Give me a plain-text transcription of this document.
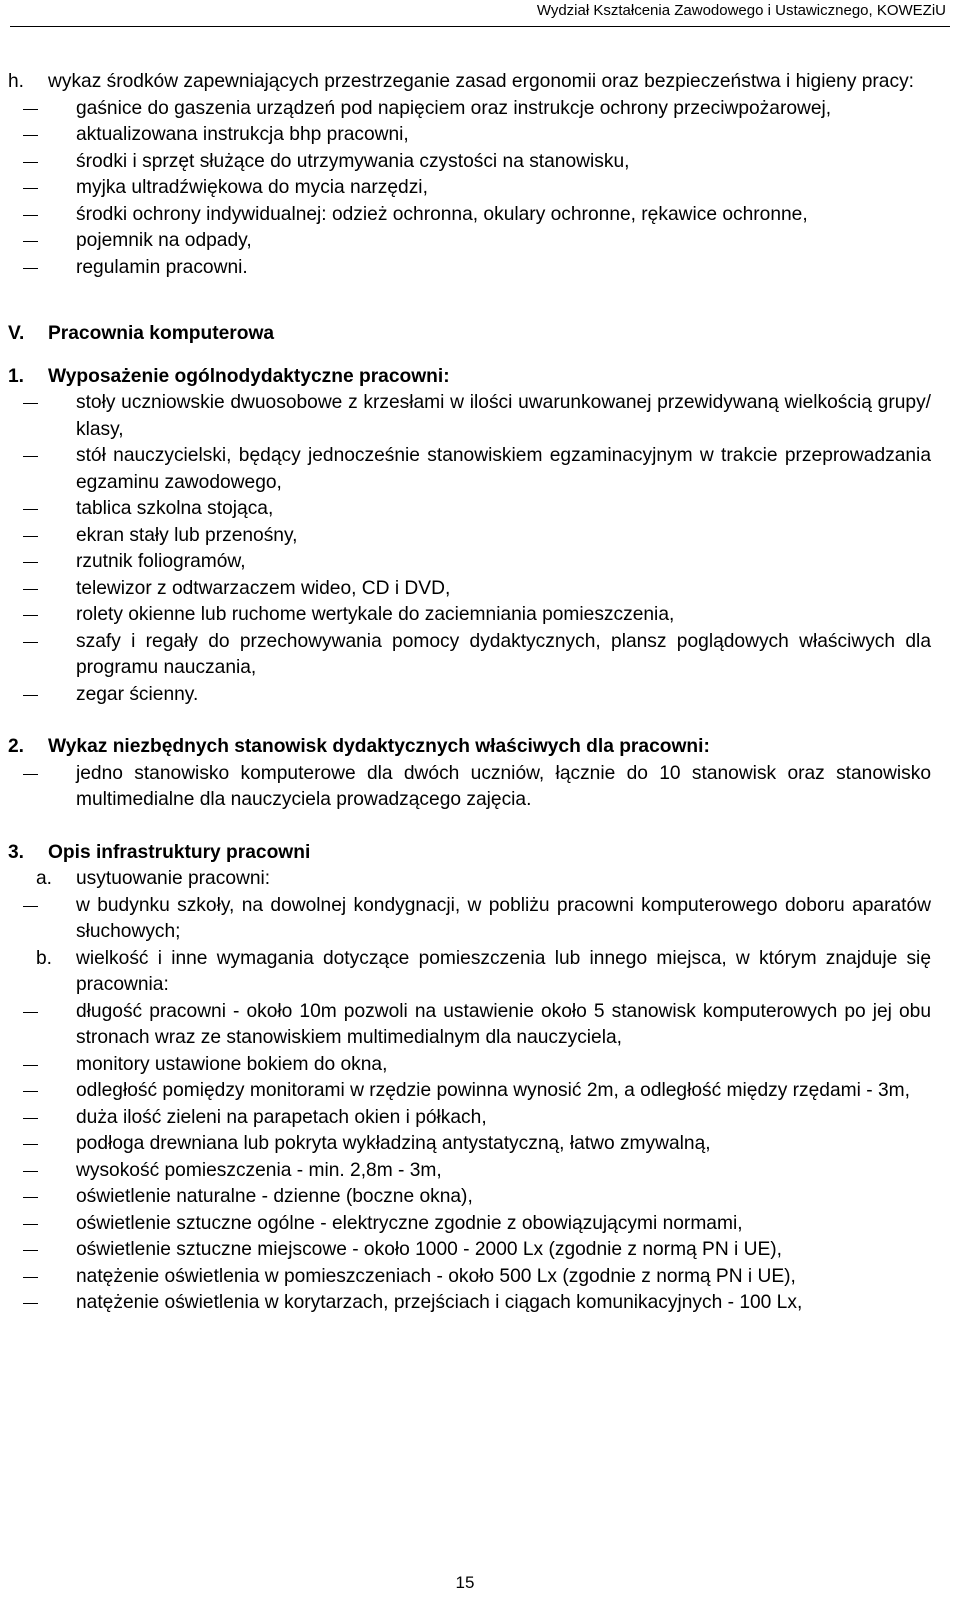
Wydział Kształcenia Zawodowego i Ustawicznego, KOWEZiU
h. wykaz środków zapewniających przestrzeganie zasad ergonomii oraz bezpieczeństwa i higieny pracy:
gaśnice do gaszenia urządzeń pod napięciem oraz instrukcje ochrony przeciwpożarowej,
aktualizowana instrukcja bhp pracowni,
środki i sprzęt służące do utrzymywania czystości na stanowisku,
myjka ultradźwiękowa do mycia narzędzi,
środki ochrony indywidualnej: odzież ochronna, okulary ochronne, rękawice ochronne,
pojemnik na odpady,
regulamin pracowni.
V. Pracownia komputerowa
1. Wyposażenie ogólnodydaktyczne pracowni:
stoły uczniowskie dwuosobowe z krzesłami w ilości uwarunkowanej przewidywaną wielkością grupy/ klasy,
stół nauczycielski, będący jednocześnie stanowiskiem egzaminacyjnym w trakcie przeprowadzania egzaminu zawodowego,
tablica szkolna stojąca,
ekran stały lub przenośny,
rzutnik foliogramów,
telewizor z odtwarzaczem wideo, CD i DVD,
rolety okienne lub ruchome wertykale do zaciemniania pomieszczenia,
szafy i regały do przechowywania pomocy dydaktycznych, plansz poglądowych właściwych dla programu nauczania,
zegar ścienny.
2. Wykaz niezbędnych stanowisk dydaktycznych właściwych dla pracowni:
jedno stanowisko komputerowe dla dwóch uczniów, łącznie do 10 stanowisk oraz stanowisko multimedialne dla nauczyciela prowadzącego zajęcia.
3. Opis infrastruktury pracowni
a. usytuowanie pracowni:
w budynku szkoły, na dowolnej kondygnacji, w pobliżu pracowni komputerowego doboru aparatów słuchowych;
b. wielkość i inne wymagania dotyczące pomieszczenia lub innego miejsca, w którym znajduje się pracownia:
długość pracowni - około 10m pozwoli na ustawienie około 5 stanowisk komputerowych po jej obu stronach wraz ze stanowiskiem multimedialnym dla nauczyciela,
monitory ustawione bokiem do okna,
odległość pomiędzy monitorami w rzędzie powinna wynosić 2m, a odległość między rzędami - 3m,
duża ilość zieleni na parapetach okien i półkach,
podłoga drewniana lub pokryta wykładziną antystatyczną, łatwo zmywalną,
wysokość pomieszczenia - min. 2,8m - 3m,
oświetlenie naturalne - dzienne (boczne okna),
oświetlenie sztuczne ogólne - elektryczne zgodnie z obowiązującymi normami,
oświetlenie sztuczne miejscowe - około 1000 - 2000 Lx (zgodnie z normą PN i UE),
natężenie oświetlenia w pomieszczeniach - około 500 Lx (zgodnie z normą PN i UE),
natężenie oświetlenia w korytarzach, przejściach i ciągach komunikacyjnych - 100 Lx,
15
